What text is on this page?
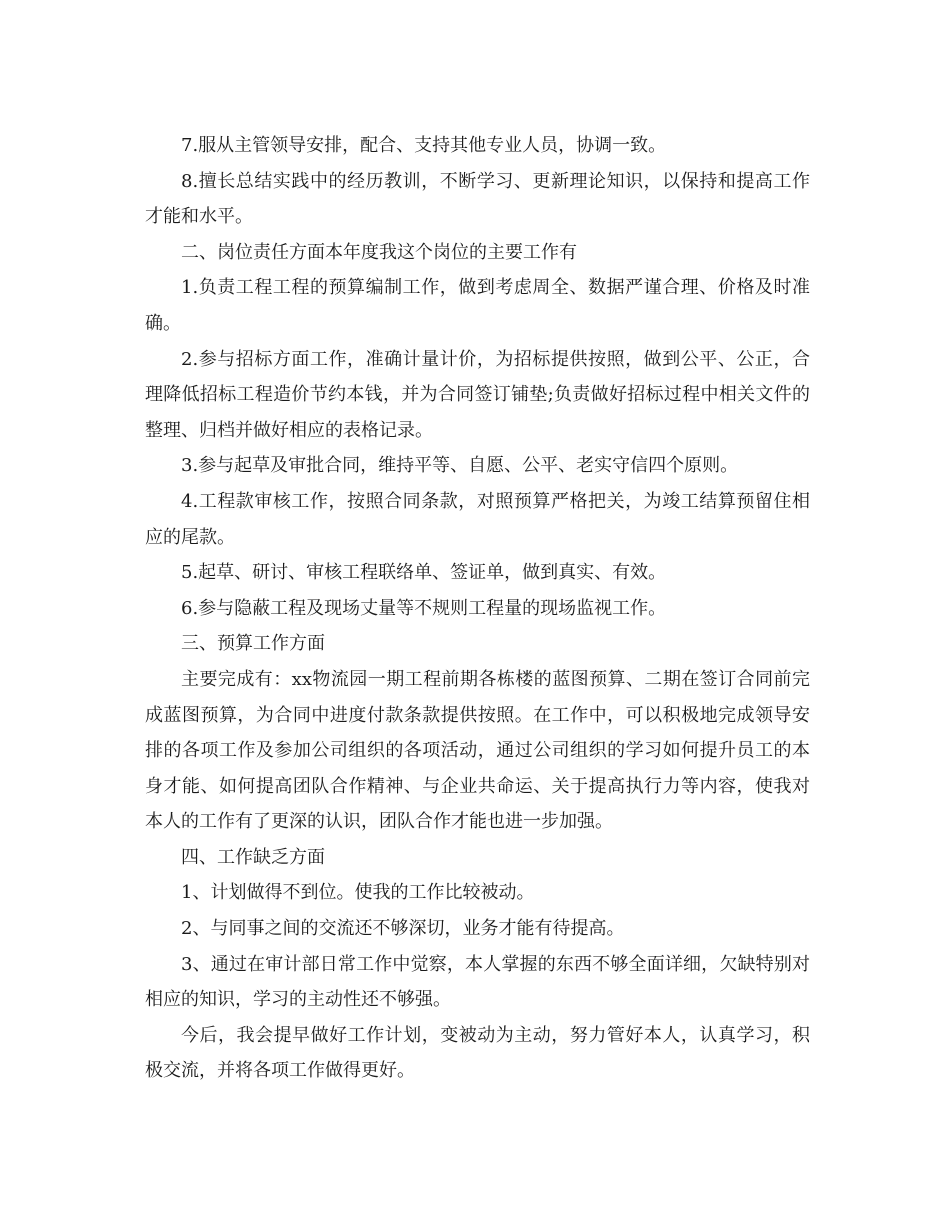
7.服从主管领导安排，配合、支持其他专业人员，协调一致。

8.擅长总结实践中的经历教训，不断学习、更新理论知识，以保持和提高工作才能和水平。

二、岗位责任方面本年度我这个岗位的主要工作有

1.负责工程工程的预算编制工作，做到考虑周全、数据严谨合理、价格及时准确。

2.参与招标方面工作，准确计量计价，为招标提供按照，做到公平、公正，合理降低招标工程造价节约本钱，并为合同签订铺垫;负责做好招标过程中相关文件的整理、归档并做好相应的表格记录。

3.参与起草及审批合同，维持平等、自愿、公平、老实守信四个原则。

4.工程款审核工作，按照合同条款，对照预算严格把关，为竣工结算预留住相应的尾款。

5.起草、研讨、审核工程联络单、签证单，做到真实、有效。

6.参与隐蔽工程及现场丈量等不规则工程量的现场监视工作。

三、预算工作方面

主要完成有：xx物流园一期工程前期各栋楼的蓝图预算、二期在签订合同前完成蓝图预算，为合同中进度付款条款提供按照。在工作中，可以积极地完成领导安排的各项工作及参加公司组织的各项活动，通过公司组织的学习如何提升员工的本身才能、如何提高团队合作精神、与企业共命运、关于提高执行力等内容，使我对本人的工作有了更深的认识，团队合作才能也进一步加强。

四、工作缺乏方面

1、计划做得不到位。使我的工作比较被动。

2、与同事之间的交流还不够深切，业务才能有待提高。

3、通过在审计部日常工作中觉察，本人掌握的东西不够全面详细，欠缺特别对相应的知识，学习的主动性还不够强。

今后，我会提早做好工作计划，变被动为主动，努力管好本人，认真学习，积极交流，并将各项工作做得更好。
